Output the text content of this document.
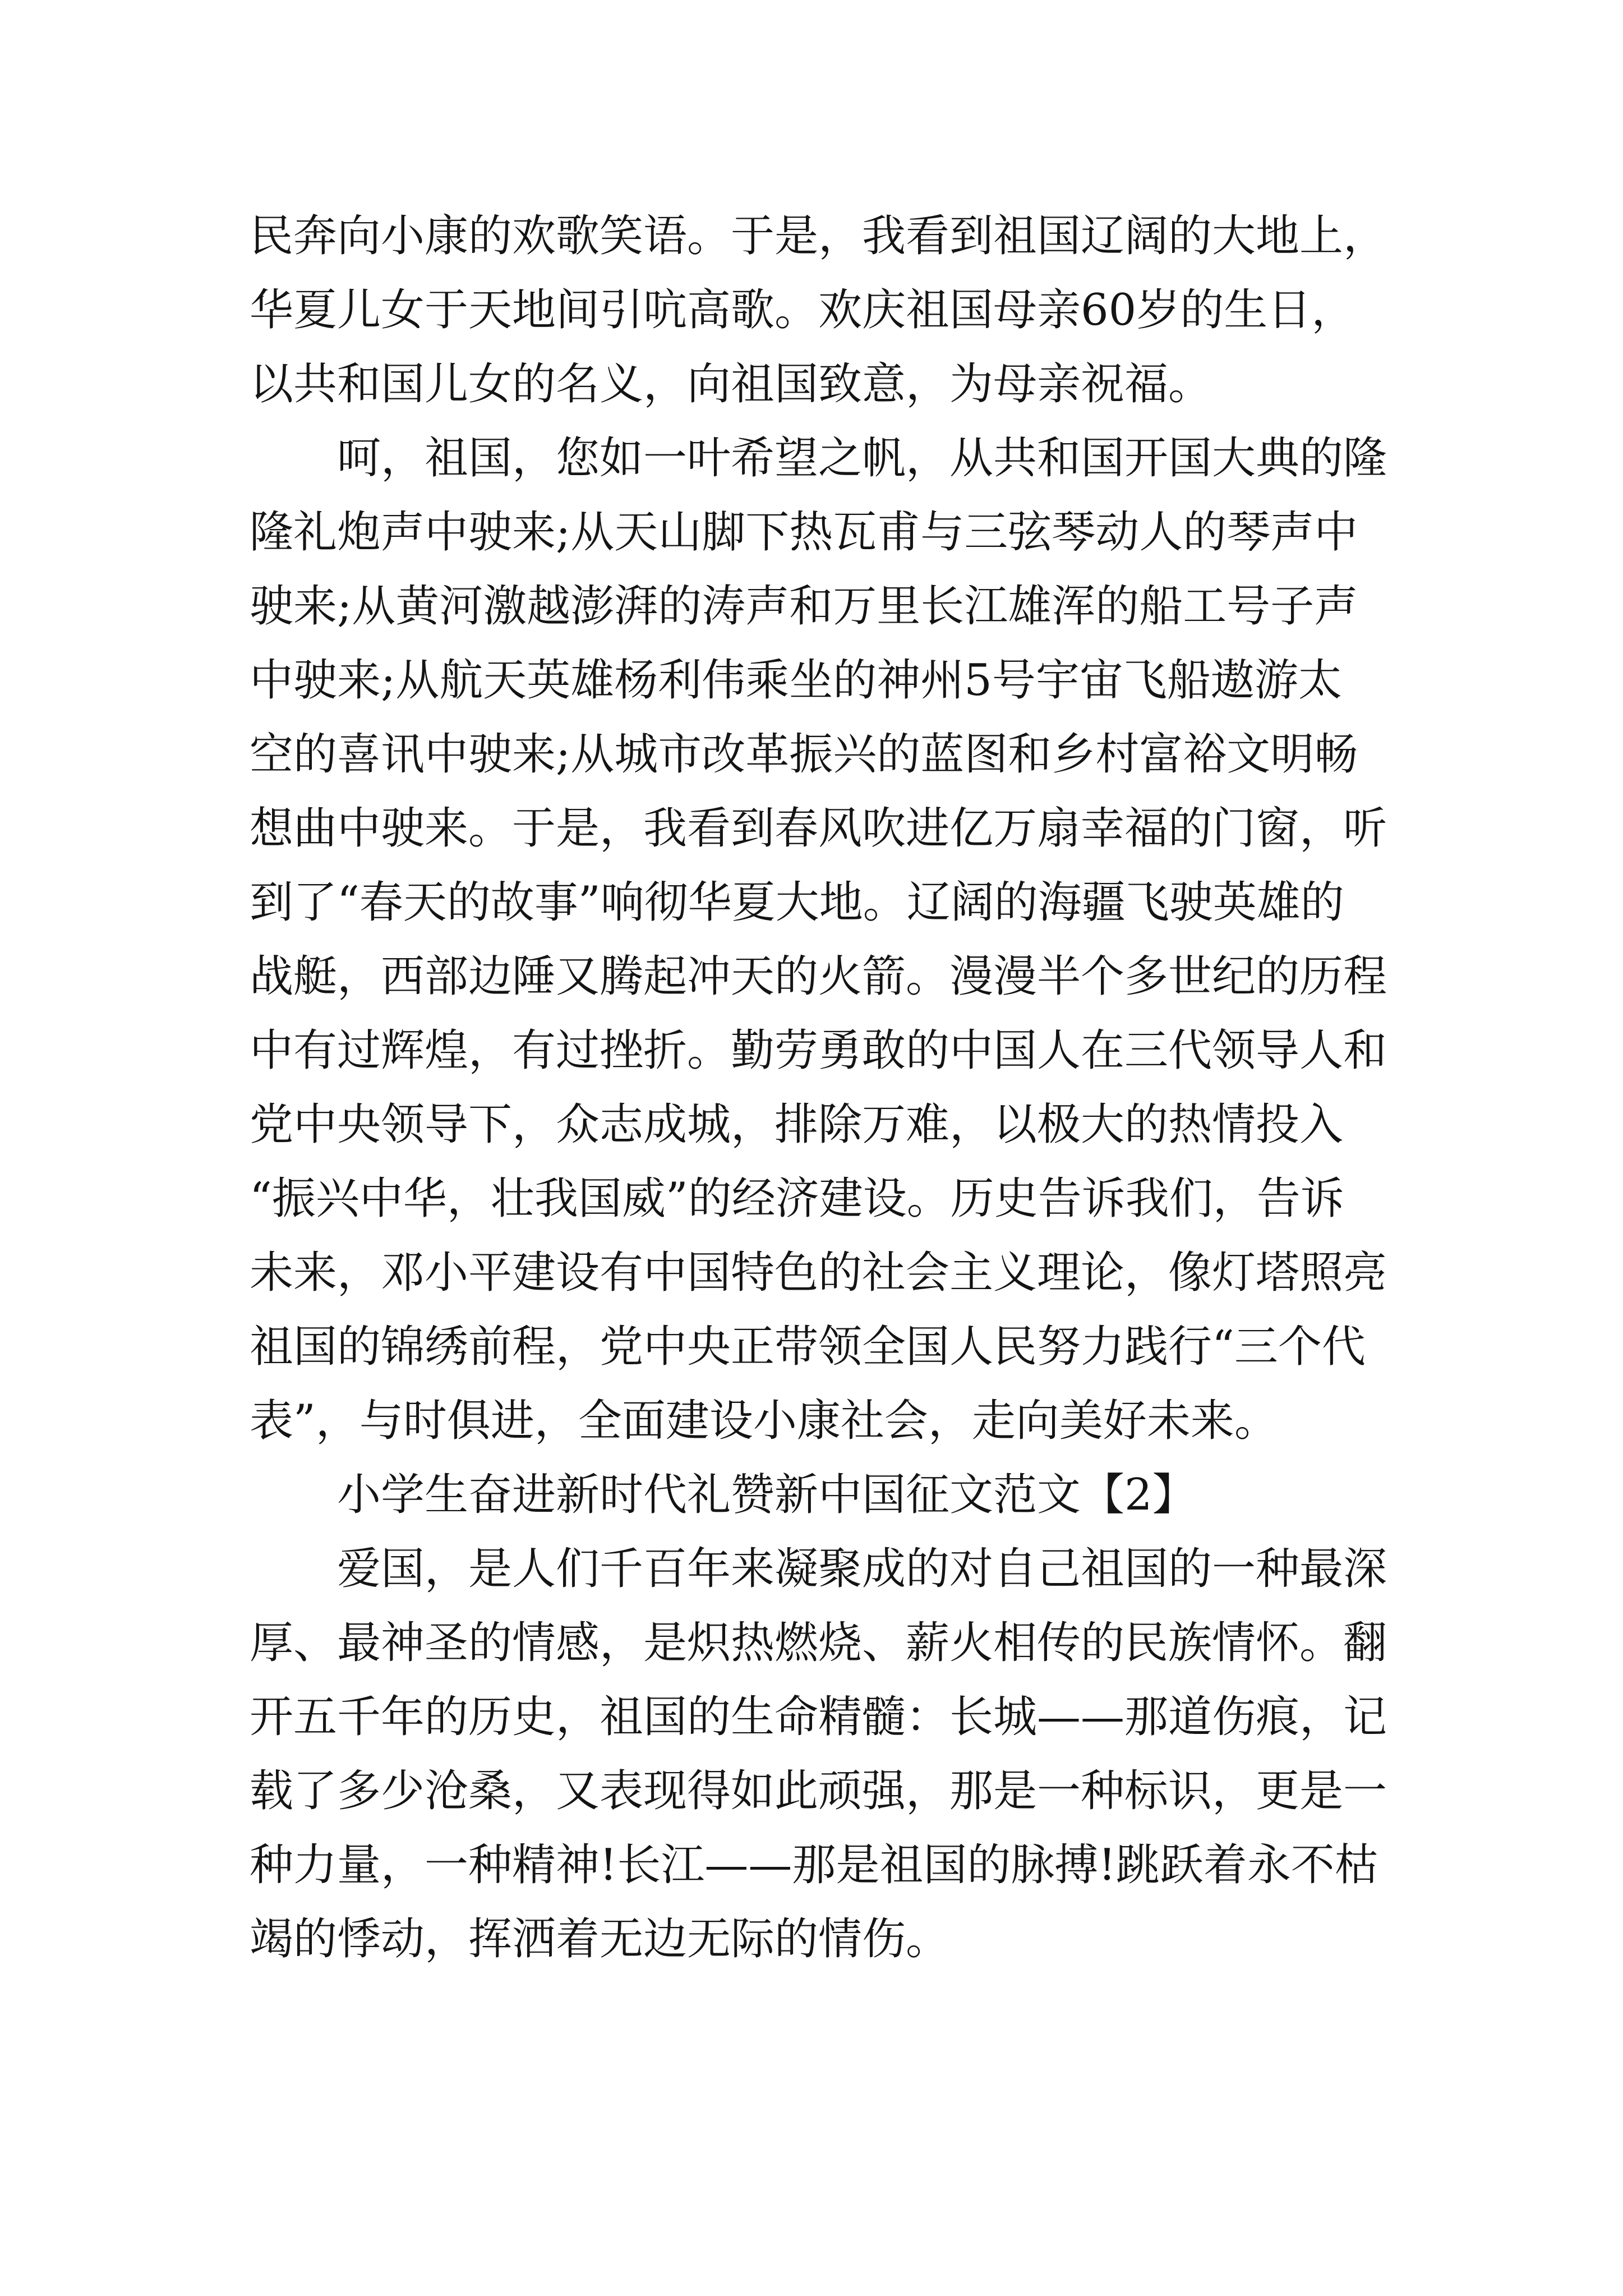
民奔向小康的欢歌笑语。于是，我看到祖国辽阔的大地上，
华夏儿女于天地间引吭高歌。欢庆祖国母亲60岁的生日，
以共和国儿女的名义，向祖国致意，为母亲祝福。
　　呵，祖国，您如一叶希望之帆，从共和国开国大典的隆
隆礼炮声中驶来;从天山脚下热瓦甫与三弦琴动人的琴声中
驶来;从黄河激越澎湃的涛声和万里长江雄浑的船工号子声
中驶来;从航天英雄杨利伟乘坐的神州5号宇宙飞船遨游太
空的喜讯中驶来;从城市改革振兴的蓝图和乡村富裕文明畅
想曲中驶来。于是，我看到春风吹进亿万扇幸福的门窗，听
到了“春天的故事”响彻华夏大地。辽阔的海疆飞驶英雄的
战艇，西部边陲又腾起冲天的火箭。漫漫半个多世纪的历程
中有过辉煌，有过挫折。勤劳勇敢的中国人在三代领导人和
党中央领导下，众志成城，排除万难，以极大的热情投入
“振兴中华，壮我国威”的经济建设。历史告诉我们，告诉
未来，邓小平建设有中国特色的社会主义理论，像灯塔照亮
祖国的锦绣前程，党中央正带领全国人民努力践行“三个代
表”，与时俱进，全面建设小康社会，走向美好未来。
　　小学生奋进新时代礼赞新中国征文范文【2】
　　爱国，是人们千百年来凝聚成的对自己祖国的一种最深
厚、最神圣的情感，是炽热燃烧、薪火相传的民族情怀。翻
开五千年的历史，祖国的生命精髓：长城——那道伤痕，记
载了多少沧桑，又表现得如此顽强，那是一种标识，更是一
种力量，一种精神!长江——那是祖国的脉搏!跳跃着永不枯
竭的悸动，挥洒着无边无际的情伤。
